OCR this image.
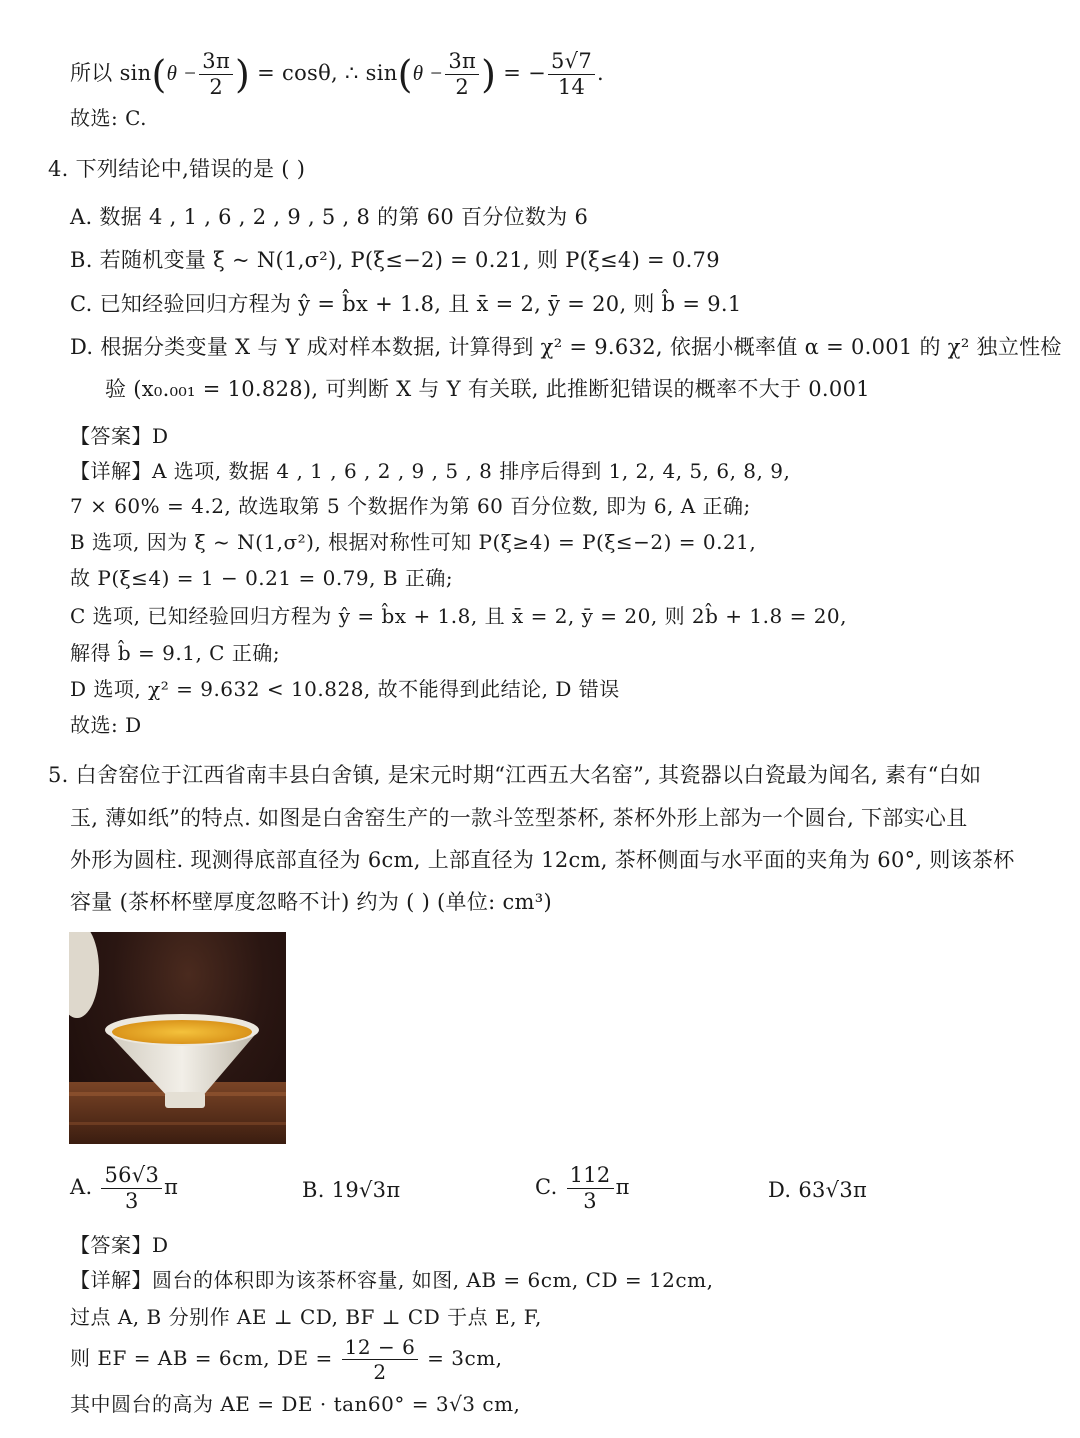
所以 $\sin(\theta - \frac{3\pi}{2}$ ) = cosθ, ∴ $\sin(\theta - \frac{3\pi}{2}$ ) = − $\frac{5√7}{14}$ .
故选: C.
4. 下列结论中,错误的是 ( )
A. 数据 4 , 1 , 6 , 2 , 9 , 5 , 8 的第 60 百分位数为 6
B. 若随机变量 ξ ~ N(1,σ²), P(ξ≤−2) = 0.21, 则 P(ξ≤4) = 0.79
C. 已知经验回归方程为 ŷ = b̂x + 1.8, 且 x̄ = 2, ȳ = 20, 则 b̂ = 9.1
D. 根据分类变量 X 与 Y 成对样本数据, 计算得到 χ² = 9.632, 依据小概率值 α = 0.001 的 χ² 独立性检
验 (x₀.₀₀₁ = 10.828), 可判断 X 与 Y 有关联, 此推断犯错误的概率不大于 0.001
【答案】D
【详解】A 选项, 数据 4 , 1 , 6 , 2 , 9 , 5 , 8 排序后得到 1, 2, 4, 5, 6, 8, 9,
7 × 60% = 4.2, 故选取第 5 个数据作为第 60 百分位数, 即为 6, A 正确;
B 选项, 因为 ξ ~ N(1,σ²), 根据对称性可知 P(ξ≥4) = P(ξ≤−2) = 0.21,
故 P(ξ≤4) = 1 − 0.21 = 0.79, B 正确;
C 选项, 已知经验回归方程为 ŷ = b̂x + 1.8, 且 x̄ = 2, ȳ = 20, 则 2b̂ + 1.8 = 20,
解得 b̂ = 9.1, C 正确;
D 选项, χ² = 9.632 < 10.828, 故不能得到此结论, D 错误
故选: D
5. 白舍窑位于江西省南丰县白舍镇, 是宋元时期“江西五大名窑”, 其瓷器以白瓷最为闻名, 素有“白如
玉, 薄如纸”的特点. 如图是白舍窑生产的一款斗笠型茶杯, 茶杯外形上部为一个圆台, 下部实心且
外形为圆柱. 现测得底部直径为 6cm, 上部直径为 12cm, 茶杯侧面与水平面的夹角为 60°, 则该茶杯
容量 (茶杯杯壁厚度忽略不计) 约为 ( ) (单位: cm³)
A. $\frac{56√3}{3}$ π	B. 19√3π	C. $\frac{112}{3}$ π	D. 63√3π
【答案】D
【详解】圆台的体积即为该茶杯容量, 如图, AB = 6cm, CD = 12cm,
过点 A, B 分别作 AE ⊥ CD, BF ⊥ CD 于点 E, F,
则 EF = AB = 6cm, DE = $\frac{12 - 6}{2} = 3cm$,
其中圆台的高为 AE = DE · tan60° = 3√3 cm,
